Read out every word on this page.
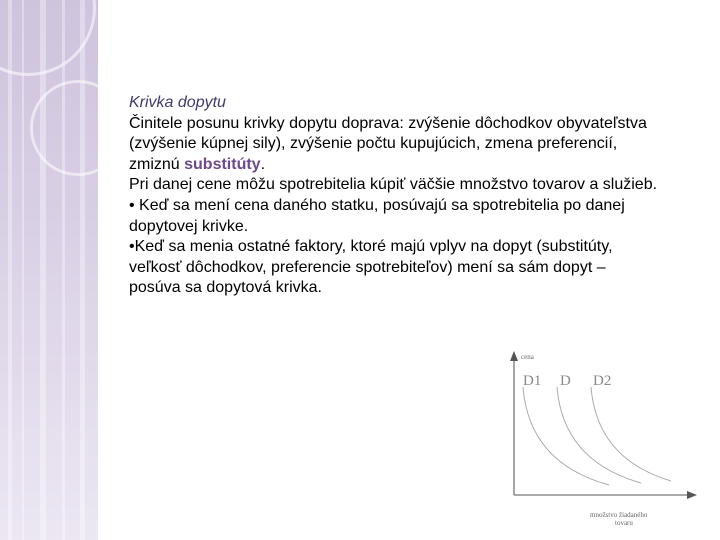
Krivka dopytu

Činitele posunu krivky dopytu doprava: zvýšenie dôchodkov obyvateľstva (zvýšenie kúpnej sily), zvýšenie počtu kupujúcich, zmena preferencií, zmiznú substitúty.

Pri danej cene môžu spotrebitelia kúpiť väčšie množstvo tovarov a služieb.

• Keď sa mení cena daného statku, posúvajú sa spotrebitelia po danej dopytovej krivke.

•Keď sa menia ostatné faktory, ktoré majú vplyv na dopyt (substitúty, veľkosť dôchodkov, preferencie spotrebiteľov) mení sa sám dopyt – posúva sa dopytová krivka.

cena
množstvo žiadaného
tovaru
D1 D D2
